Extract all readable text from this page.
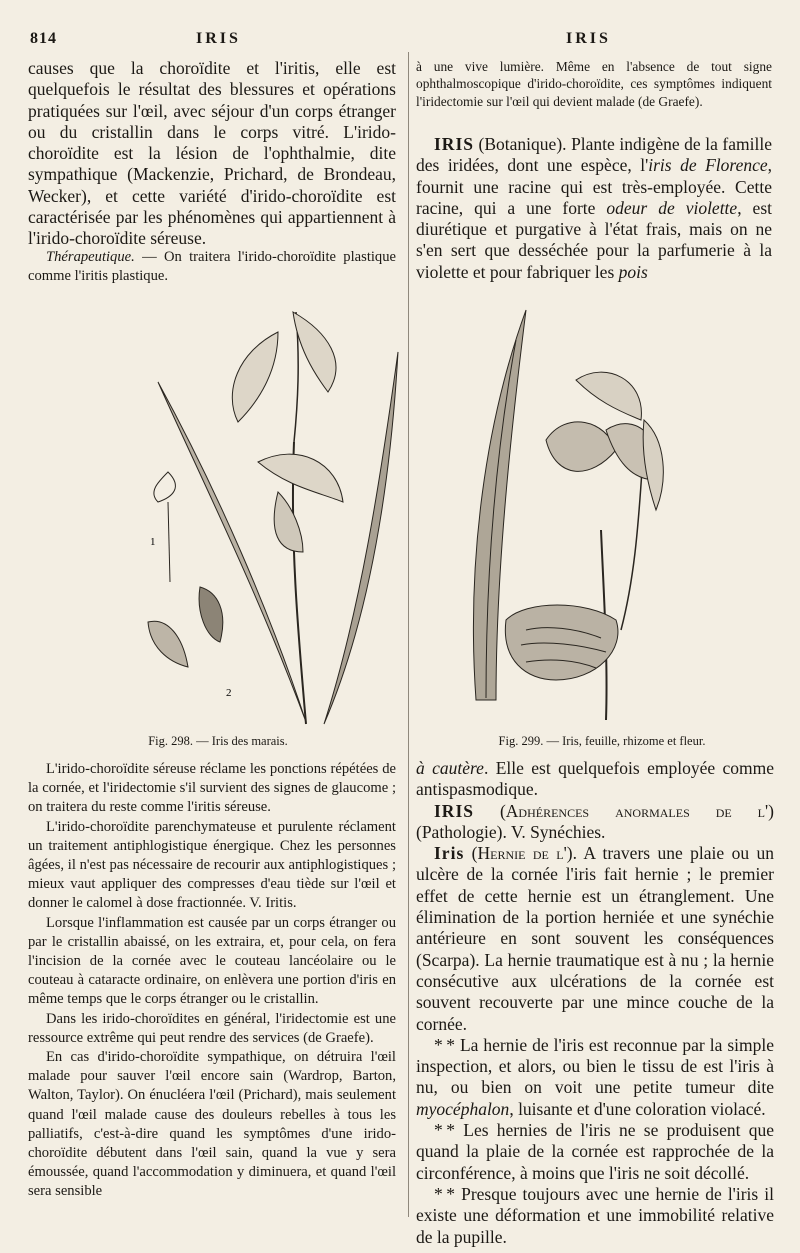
814	IRIS	IRIS

causes que la choroïdite et l'iritis, elle est quelquefois le résultat des blessures et opérations pratiquées sur l'œil, avec séjour d'un corps étranger ou du cristallin dans le corps vitré. L'irido-choroïdite est la lésion de l'ophthalmie, dite sympathique (Mackenzie, Prichard, de Brondeau, Wecker), et cette variété d'irido-choroïdite est caractérisée par les phénomènes qui appartiennent à l'irido-choroïdite séreuse.

Thérapeutique. — On traitera l'irido-choroïdite plastique comme l'iritis plastique.

1
2
Fig. 298. — Iris des marais.

L'irido-choroïdite séreuse réclame les ponctions répétées de la cornée, et l'iridectomie s'il survient des signes de glaucome ; on traitera du reste comme l'iritis séreuse.

L'irido-choroïdite parenchymateuse et purulente réclament un traitement antiphlogistique énergique. Chez les personnes âgées, il n'est pas nécessaire de recourir aux antiphlogistiques ; mieux vaut appliquer des compresses d'eau tiède sur l'œil et donner le calomel à dose fractionnée. V. Iritis.

Lorsque l'inflammation est causée par un corps étranger ou par le cristallin abaissé, on les extraira, et, pour cela, on fera l'incision de la cornée avec le couteau lancéolaire ou le couteau à cataracte ordinaire, on enlèvera une portion d'iris en même temps que le corps étranger ou le cristallin.

Dans les irido-choroïdites en général, l'iridectomie est une ressource extrême qui peut rendre des services (de Graefe).

En cas d'irido-choroïdite sympathique, on détruira l'œil malade pour sauver l'œil encore sain (Wardrop, Barton, Walton, Taylor). On énucléera l'œil (Prichard), mais seulement quand l'œil malade cause des douleurs rebelles à tous les palliatifs, c'est-à-dire quand les symptômes d'une irido-choroïdite débutent dans l'œil sain, quand la vue y sera émoussée, quand l'accommodation y diminuera, et quand l'œil sera sensible

à une vive lumière. Même en l'absence de tout signe ophthalmoscopique d'irido-choroïdite, ces symptômes indiquent l'iridectomie sur l'œil qui devient malade (de Graefe).

IRIS (Botanique). Plante indigène de la famille des iridées, dont une espèce, l'iris de Florence, fournit une racine qui est très-employée. Cette racine, qui a une forte odeur de violette, est diurétique et purgative à l'état frais, mais on ne s'en sert que desséchée pour la parfumerie à la violette et pour fabriquer les pois

Fig. 299. — Iris, feuille, rhizome et fleur.

à cautère. Elle est quelquefois employée comme antispasmodique.

IRIS (Adhérences anormales de l') (Pathologie). V. Synéchies.

Iris (Hernie de l'). A travers une plaie ou un ulcère de la cornée l'iris fait hernie ; le premier effet de cette hernie est un étranglement. Une élimination de la portion herniée et une synéchie antérieure en sont souvent les conséquences (Scarpa). La hernie traumatique est à nu ; la hernie consécutive aux ulcérations de la cornée est souvent recouverte par une mince couche de la cornée.

* * La hernie de l'iris est reconnue par la simple inspection, et alors, ou bien le tissu de est l'iris à nu, ou bien on voit une petite tumeur dite myocéphalon, luisante et d'une coloration violacé.

* * Les hernies de l'iris ne se produisent que quand la plaie de la cornée est rapprochée de la circonférence, à moins que l'iris ne soit décollé.

* * Presque toujours avec une hernie de l'iris il existe une déformation et une immobilité relative de la pupille.
